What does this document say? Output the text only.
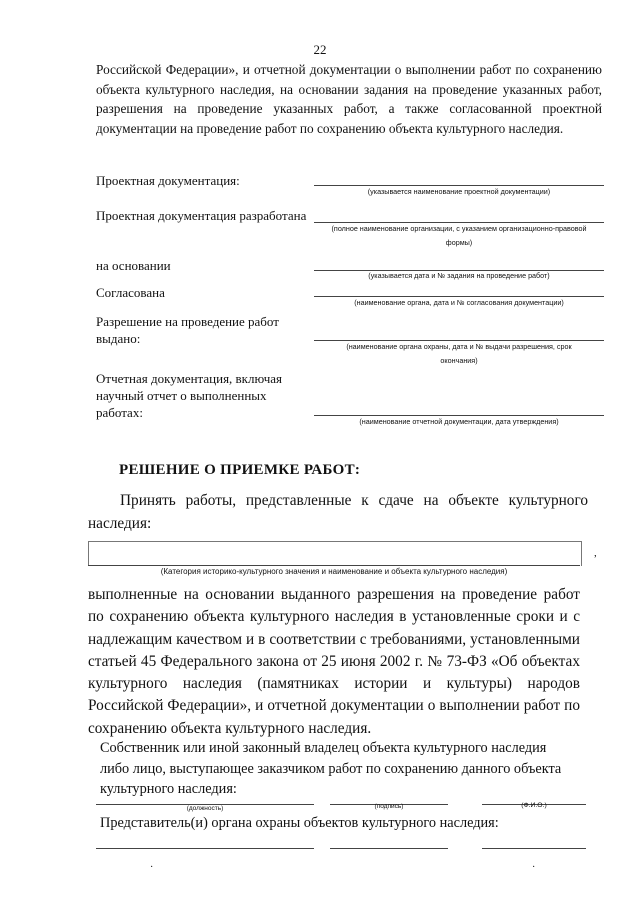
22
Российской Федерации», и отчетной документации о выполнении работ по сохранению объекта культурного наследия, на основании задания на проведение указанных работ, разрешения на проведение указанных работ, а также согласованной проектной документации на проведение работ по сохранению объекта культурного наследия.
Проектная документация:
(указывается наименование проектной документации)
Проектная документация разработана
(полное наименование организации, с указанием организационно-правовой
формы)
на основании
(указывается дата и № задания на проведение работ)
Согласована
(наименование органа, дата и № согласования документации)
Разрешение на проведение работ выдано:
(наименование органа охраны, дата и № выдачи разрешения, срок
окончания)
Отчетная документация, включая научный отчет о выполненных работах:
(наименование отчетной документации, дата утверждения)
РЕШЕНИЕ О ПРИЕМКЕ РАБОТ:
Принять работы, представленные к сдаче на объекте культурного наследия:
,
(Категория историко-культурного значения и наименование и объекта культурного наследия)
выполненные на основании выданного разрешения на проведение работ по сохранению объекта культурного наследия в установленные сроки и с надлежащим качеством и в соответствии с требованиями, установленными статьей 45 Федерального закона от 25 июня 2002 г. № 73-ФЗ «Об объектах культурного наследия (памятниках истории и культуры) народов Российской Федерации», и отчетной документации о выполнении работ по сохранению объекта культурного наследия.
Собственник или иной законный владелец объекта культурного наследия либо лицо, выступающее заказчиком работ по сохранению данного объекта культурного наследия:
(должность)	(подпись)	(Ф.И.О.)
Представитель(и) органа охраны объектов культурного наследия:
·	·
